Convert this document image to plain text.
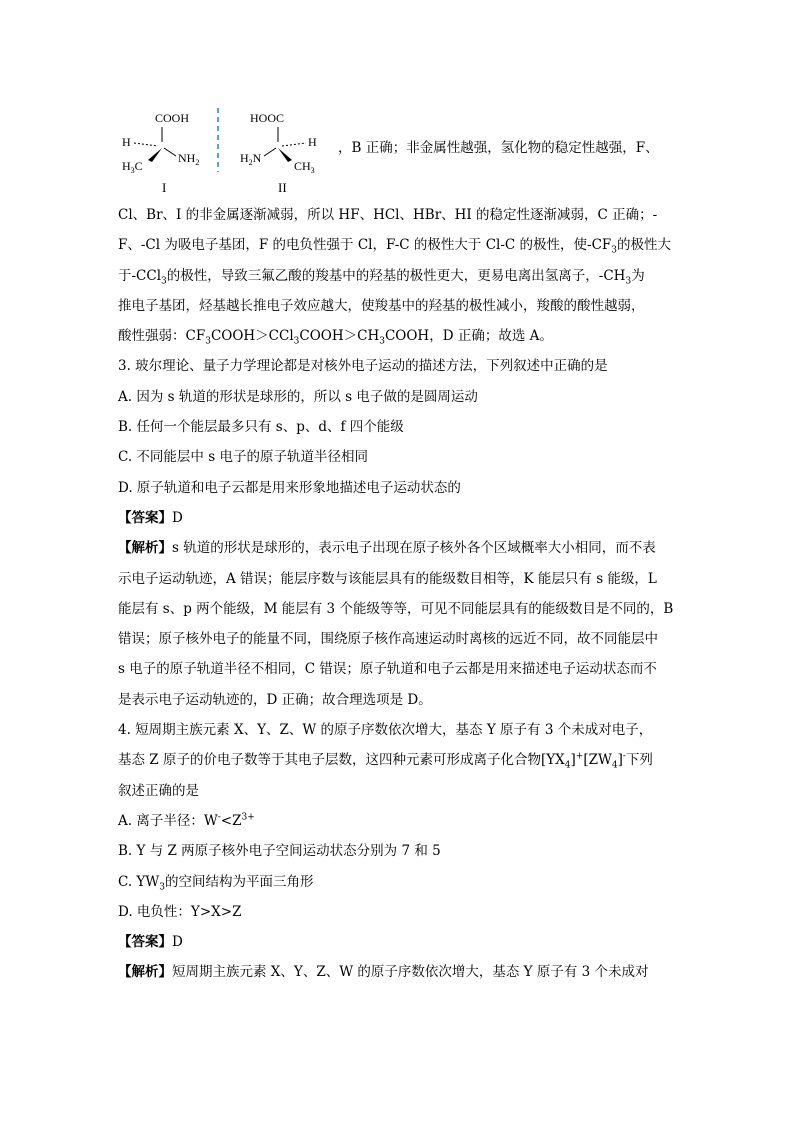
COOH
H
$NH_2$
$H_3C$
I
HOOC
H
$H_2N$
$CH_3$
II
，B 正确；非金属性越强，氢化物的稳定性越强，F、
Cl、Br、I 的非金属逐渐减弱，所以 HF、HCl、HBr、HI 的稳定性逐渐减弱，C 正确；-
F、-Cl 为吸电子基团，F 的电负性强于 Cl，F-C 的极性大于 Cl-C 的极性，使$-CF_3$的极性大
于-CCl$_3$的极性，导致三氟乙酸的羧基中的羟基的极性更大，更易电离出氢离子，$-CH_3$为
推电子基团，烃基越长推电子效应越大，使羧基中的羟基的极性减小，羧酸的酸性越弱，
酸性强弱：$CF_3COOH>CCl_3COOH>CH_3COOH$，D 正确；故选 A。
3. 玻尔理论、量子力学理论都是对核外电子运动的描述方法，下列叙述中正确的是
A. 因为 s 轨道的形状是球形的，所以 s 电子做的是圆周运动
B. 任何一个能层最多只有 s、p、d、f 四个能级
C. 不同能层中 s 电子的原子轨道半径相同
D. 原子轨道和电子云都是用来形象地描述电子运动状态的
【答案】D
【解析】s 轨道的形状是球形的，表示电子出现在原子核外各个区域概率大小相同，而不表
示电子运动轨迹，A 错误；能层序数与该能层具有的能级数目相等，K 能层只有 s 能级，L
能层有 s、p 两个能级，M 能层有 3 个能级等等，可见不同能层具有的能级数目是不同的，B
错误；原子核外电子的能量不同，围绕原子核作高速运动时离核的远近不同，故不同能层中
s 电子的原子轨道半径不相同，C 错误；原子轨道和电子云都是用来描述电子运动状态而不
是表示电子运动轨迹的，D 正确；故合理选项是 D。
4. 短周期主族元素 X、Y、Z、W 的原子序数依次增大，基态 Y 原子有 3 个未成对电子，
基态 Z 原子的价电子数等于其电子层数，这四种元素可形成离子化合物$[YX_4]^+[ZW_4]^-$下列
叙述正确的是
A. 离子半径：$W^-<Z^{3+}$
B. Y 与 Z 两原子核外电子空间运动状态分别为 7 和 5
C. $YW_3$的空间结构为平面三角形
D. 电负性：Y>X>Z
【答案】D
【解析】短周期主族元素 X、Y、Z、W 的原子序数依次增大，基态 Y 原子有 3 个未成对
